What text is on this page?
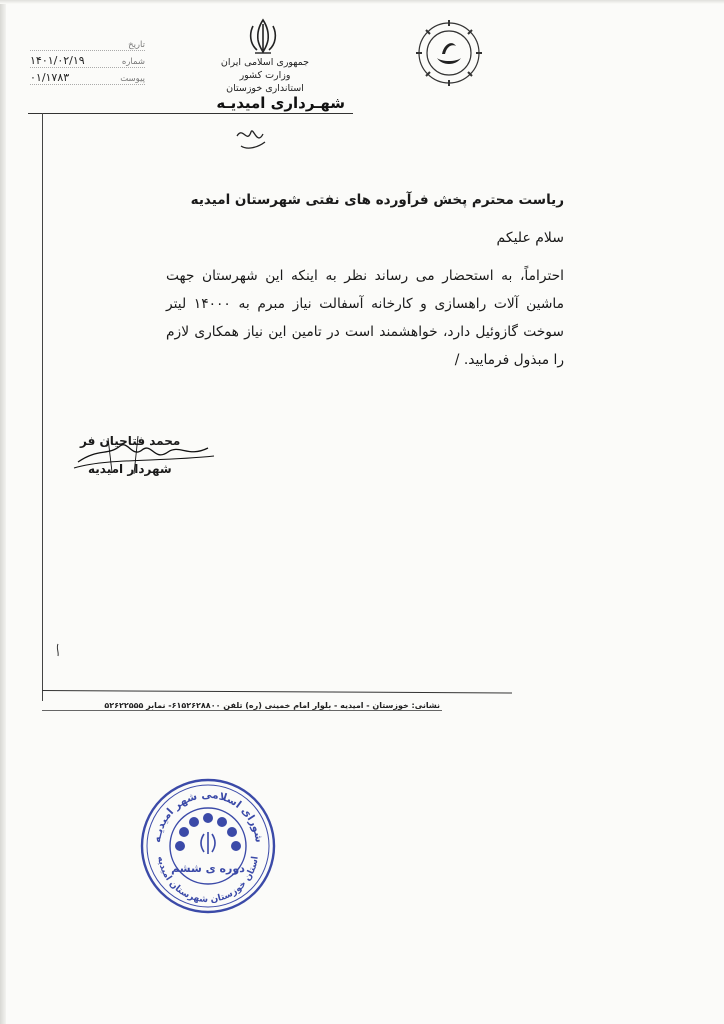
تاریخ
شماره
۱۴۰۱/۰۲/۱۹
پیوست
۰۱/۱۷۸۳
جمهوری اسلامی ایران
وزارت کشور
استانداری خوزستان
شهـرداری امیدیـه
ریاست محترم پخش فرآورده های نفتی شهرستان امیدیه
سلام علیکم
احتراماً، به استحضار می رساند نظر به اینکه این شهرستان جهت ماشین آلات راهسازی و کارخانه آسفالت نیاز مبرم به ۱۴۰۰۰ لیتر سوخت گازوئیل دارد، خواهشمند است در تامین این نیاز همکاری لازم را مبذول فرمایید. /
محمد فتاحیان فر
شهردار امیدیه
نشانی: خوزستان - امیدیه - بلوار امام خمینی (ره) تلفن ۶۱۵۲۶۲۸۸۰۰- نمابر ۵۲۶۲۲۵۵۵
شورای اسلامی شهر امیدیـه
دوره ی ششم
استان خوزستان شهرستان امیدیه
